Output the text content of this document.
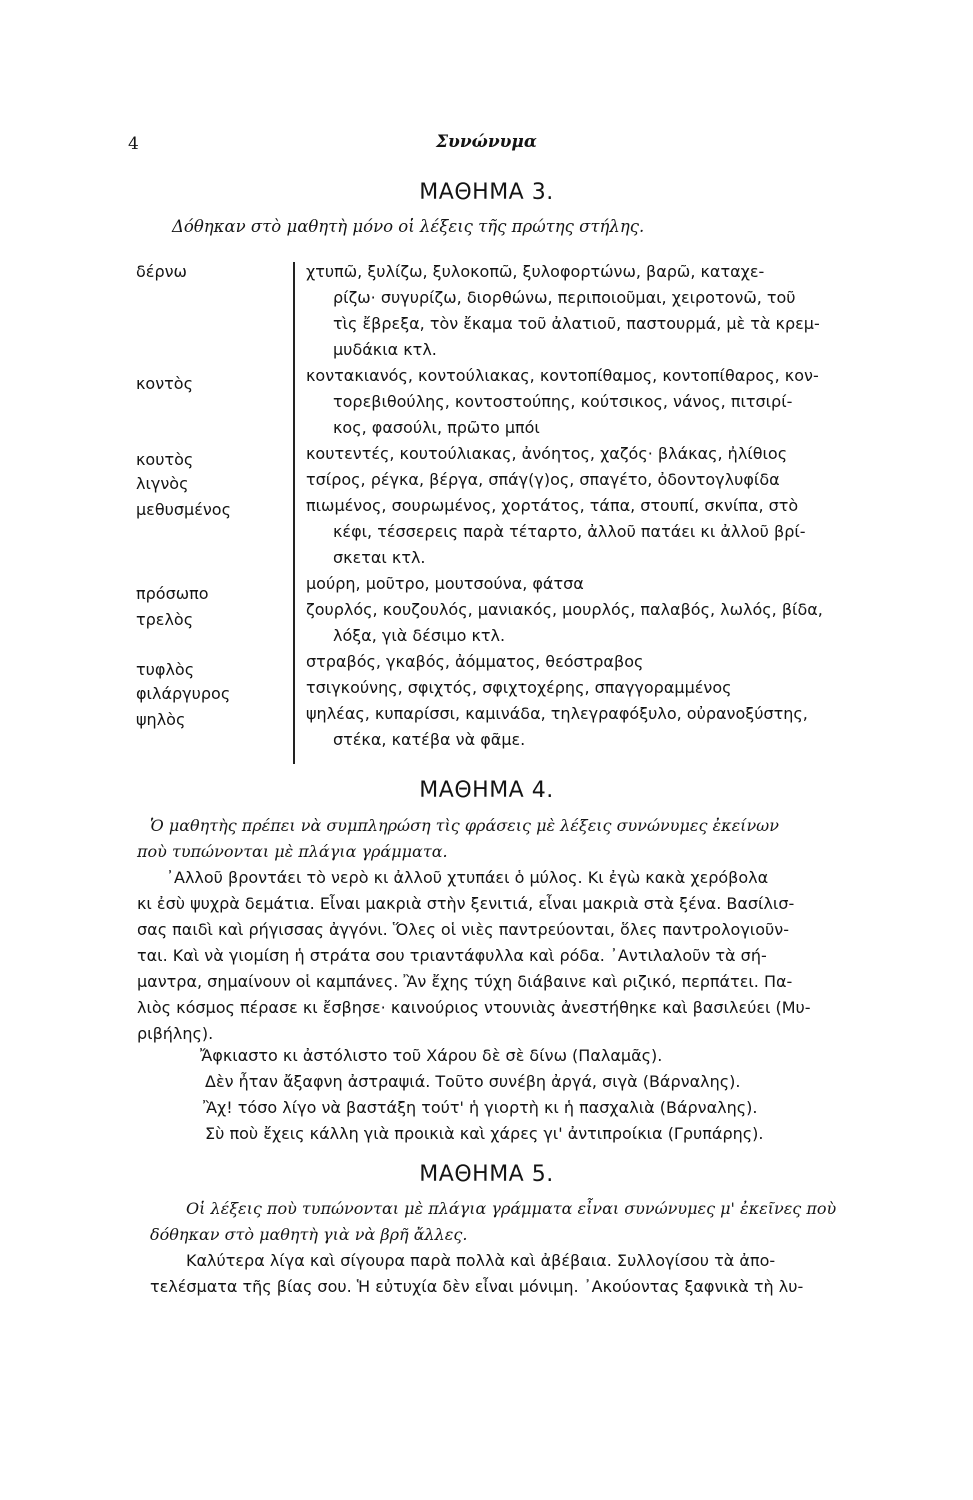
4	Συνώνυμα
ΜΑΘΗΜΑ 3.
Δόθηκαν στὸ μαθητὴ μόνο οἱ λέξεις τῆς πρώτης στήλης.
δέρνω
κοντὸς
κουτὸς
λιγνὸς
μεθυσμένος
πρόσωπο
τρελὸς
τυφλὸς
φιλάργυρος
ψηλὸς
χτυπῶ, ξυλίζω, ξυλοκοπῶ, ξυλοφορτώνω, βαρῶ, καταχε-
ρίζω· συγυρίζω, διορθώνω, περιποιοῦμαι, χειροτονῶ, τοῦ
τὶς ἔβρεξα, τὸν ἔκαμα τοῦ ἀλατιοῦ, παστουρμά, μὲ τὰ κρεμ-
μυδάκια κτλ.
κοντακιανός, κοντούλιακας, κοντοπίθαμος, κοντοπίθαρος, κον-
τορεβιθούλης, κοντοστούπης, κούτσικος, νάνος, πιτσιρί-
κος, φασούλι, πρῶτο μπόι
κουτεντές, κουτούλιακας, ἀνόητος, χαζός· βλάκας, ἠλίθιος
τσίρος, ρέγκα, βέργα, σπάγ(γ)ος, σπαγέτο, ὀδοντογλυφίδα
πιωμένος, σουρωμένος, χορτάτος, τάπα, στουπί, σκνίπα, στὸ
κέφι, τέσσερεις παρὰ τέταρτο, ἀλλοῦ πατάει κι ἀλλοῦ βρί-
σκεται κτλ.
μούρη, μοῦτρο, μουτσούνα, φάτσα
ζουρλός, κουζουλός, μανιακός, μουρλός, παλαβός, λωλός, βίδα,
λόξα, γιὰ δέσιμο κτλ.
στραβός, γκαβός, ἀόμματος, θεόστραβος
τσιγκούνης, σφιχτός, σφιχτοχέρης, σπαγγοραμμένος
ψηλέας, κυπαρίσσι, καμινάδα, τηλεγραφόξυλο, οὐρανοξύστης,
στέκα, κατέβα νὰ φᾶμε.
ΜΑΘΗΜΑ 4.
Ὁ μαθητὴς πρέπει νὰ συμπληρώση τὶς φράσεις μὲ λέξεις συνώνυμες ἐκείνων
ποὺ τυπώνονται μὲ πλάγια γράμματα.
᾿Αλλοῦ βροντάει τὸ νερὸ κι ἀλλοῦ χτυπάει ὁ μύλος. Κι ἐγὼ κακὰ χερόβολα
κι ἐσὺ ψυχρὰ δεμάτια. Εἶναι μακριὰ στὴν ξενιτιά, εἶναι μακριὰ στὰ ξένα. Βασίλισ-
σας παιδὶ καὶ ρήγισσας ἀγγόνι. Ὅλες οἱ νιὲς παντρεύονται, ὅλες παντρολογιοῦν-
ται. Καὶ νὰ γιομίση ἡ στράτα σου τριαντάφυλλα καὶ ρόδα. ᾿Αντιλαλοῦν τὰ σή-
μαντρα, σημαίνουν οἱ καμπάνες. Ἂν ἔχης τύχη διάβαινε καὶ ριζικό, περπάτει. Πα-
λιὸς κόσμος πέρασε κι ἔσβησε· καινούριος ντουνιὰς ἀνεστήθηκε καὶ βασιλεύει (Μυ-
ριβήλης).
Ἄφκιαστο κι ἀστόλιστο τοῦ Χάρου δὲ σὲ δίνω (Παλαμᾶς).
Δὲν ἦταν ἄξαφνη ἀστραψιά. Τοῦτο συνέβη ἀργά, σιγὰ (Βάρναλης).
Ἂχ! τόσο λίγο νὰ βαστάξη τούτ' ἡ γιορτὴ κι ἡ πασχαλιὰ (Βάρναλης).
Σὺ ποὺ ἔχεις κάλλη γιὰ προικιὰ καὶ χάρες γι' ἀντιπροίκια (Γρυπάρης).
ΜΑΘΗΜΑ 5.
Οἱ λέξεις ποὺ τυπώνονται μὲ πλάγια γράμματα εἶναι συνώνυμες μ' ἐκεῖνες ποὺ
δόθηκαν στὸ μαθητὴ γιὰ νὰ βρῆ ἄλλες.
Καλύτερα λίγα καὶ σίγουρα παρὰ πολλὰ καὶ ἀβέβαια. Συλλογίσου τὰ ἀπο-
τελέσματα τῆς βίας σου. Ἡ εὐτυχία δὲν εἶναι μόνιμη. ᾿Ακούοντας ξαφνικὰ τὴ λυ-
